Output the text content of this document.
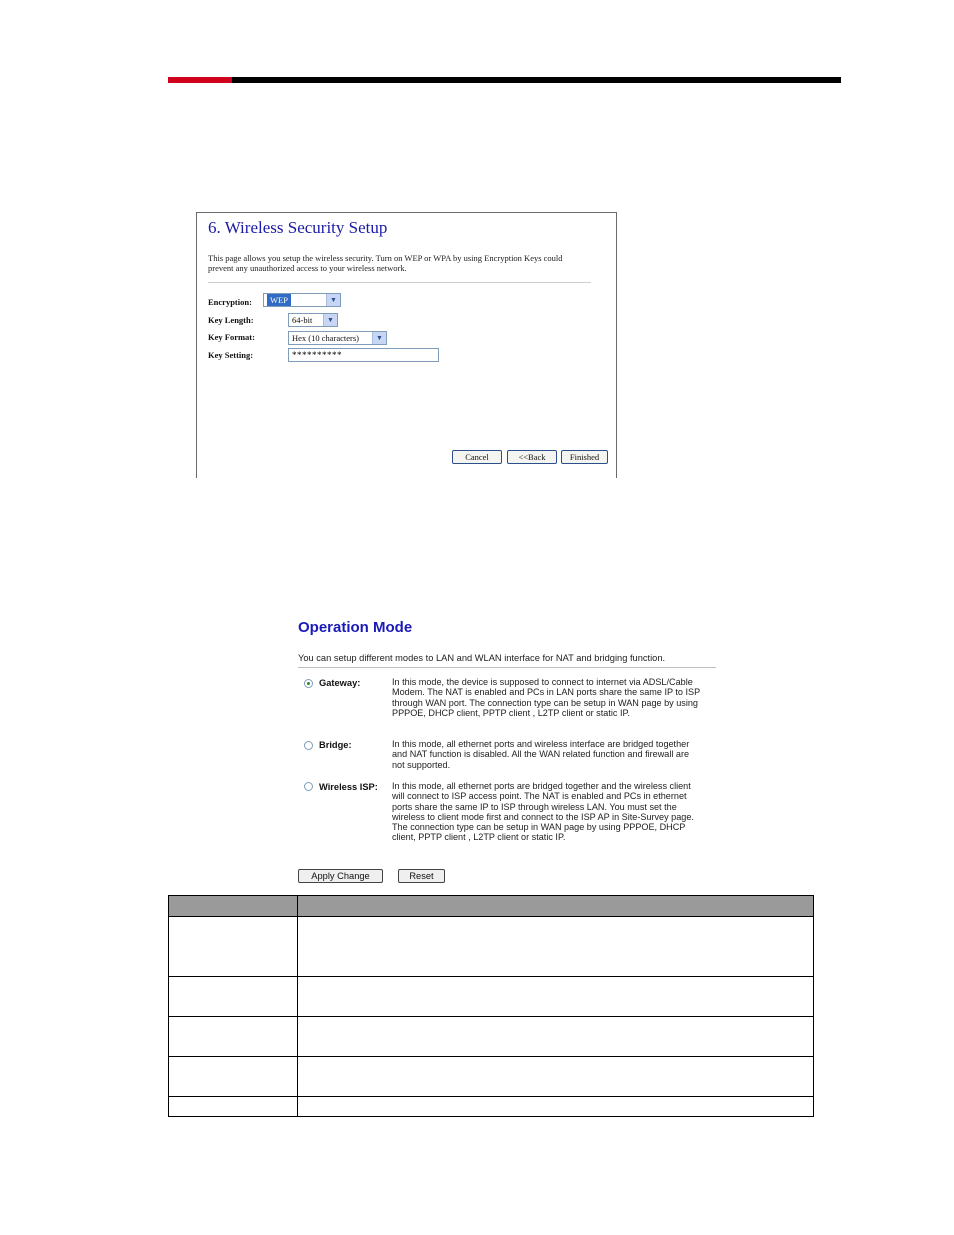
6. Wireless Security Setup
This page allows you setup the wireless security. Turn on WEP or WPA by using Encryption Keys could prevent any unauthorized access to your wireless network.
Encryption:	WEP	▼
Key Length:	64-bit	▼
Key Format:	Hex (10 characters)	▼
Key Setting:	**********
Cancel	<<Back	Finished
Operation Mode
You can setup different modes to LAN and WLAN interface for NAT and bridging function.
Gateway:	In this mode, the device is supposed to connect to internet via ADSL/Cable Modem. The NAT is enabled and PCs in LAN ports share the same IP to ISP through WAN port. The connection type can be setup in WAN page by using PPPOE, DHCP client, PPTP client , L2TP client or static IP.
Bridge:	In this mode, all ethernet ports and wireless interface are bridged together and NAT function is disabled. All the WAN related function and firewall are not supported.
Wireless ISP: In this mode, all ethernet ports are bridged together and the wireless client will connect to ISP access point. The NAT is enabled and PCs in ethernet ports share the same IP to ISP through wireless LAN. You must set the wireless to client mode first and connect to the ISP AP in Site-Survey page. The connection type can be setup in WAN page by using PPPOE, DHCP client, PPTP client , L2TP client or static IP.
Apply Change	Reset
